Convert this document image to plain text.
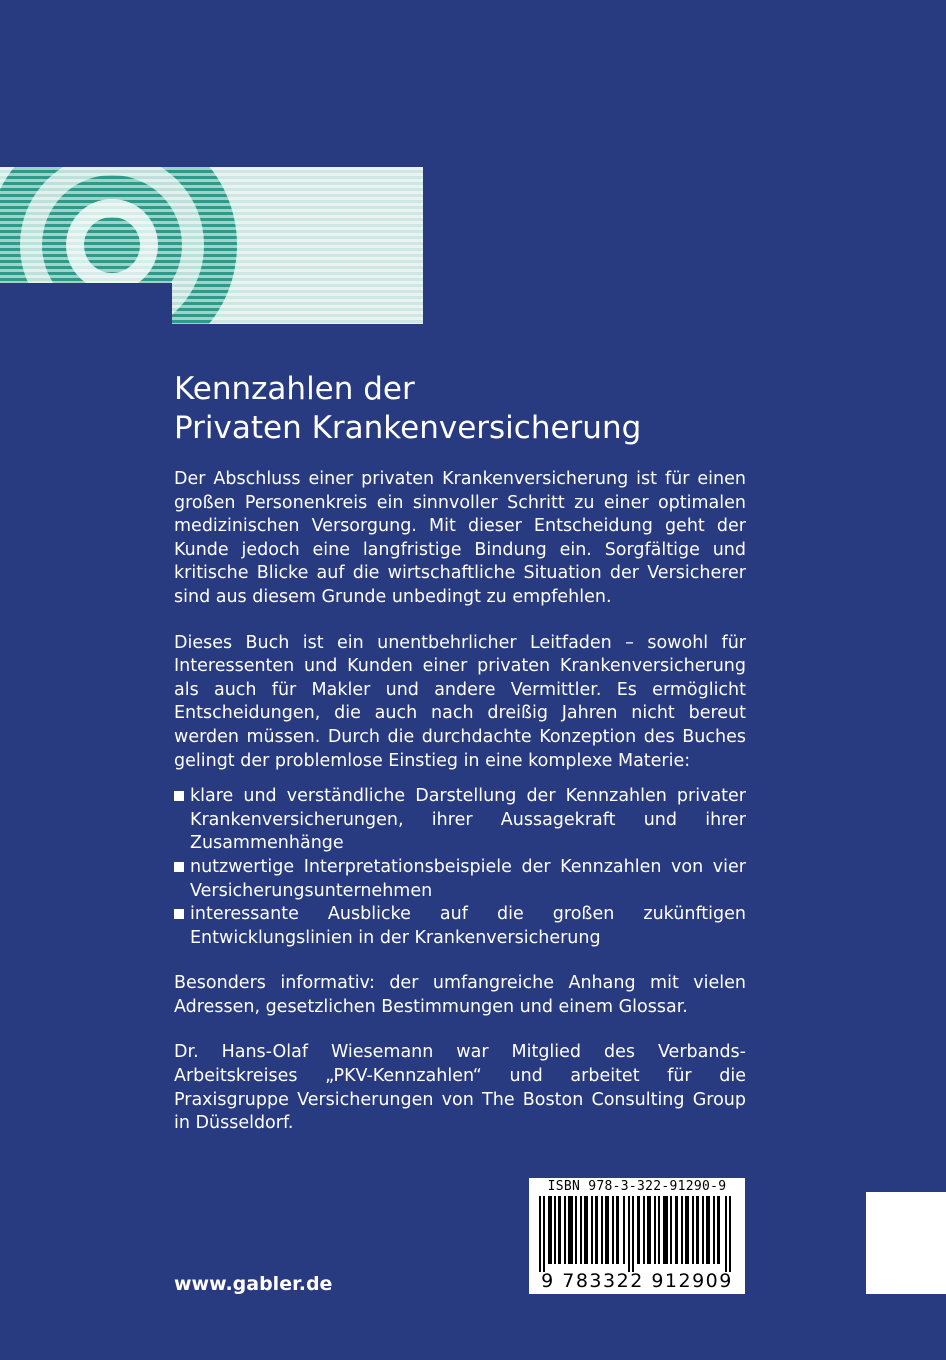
Kennzahlen der
Privaten Krankenversicherung

Der Abschluss einer privaten Krankenversicherung ist für einen großen Personenkreis ein sinnvoller Schritt zu einer optimalen medizinischen Versorgung. Mit dieser Entscheidung geht der Kunde jedoch eine langfristige Bindung ein. Sorgfältige und kritische Blicke auf die wirtschaftliche Situation der Versicherer sind aus diesem Grunde unbedingt zu empfehlen.

Dieses Buch ist ein unentbehrlicher Leitfaden – sowohl für Interessenten und Kunden einer privaten Krankenversicherung als auch für Makler und andere Vermittler. Es ermöglicht Entscheidungen, die auch nach dreißig Jahren nicht bereut werden müssen. Durch die durchdachte Konzeption des Buches gelingt der problemlose Einstieg in eine komplexe Materie:

klare und verständliche Darstellung der Kennzahlen privater Krankenversicherungen, ihrer Aussagekraft und ihrer Zusammenhänge
nutzwertige Interpretationsbeispiele der Kennzahlen von vier Versicherungsunternehmen
interessante Ausblicke auf die großen zukünftigen Entwicklungslinien in der Krankenversicherung

Besonders informativ: der umfangreiche Anhang mit vielen Adressen, gesetzlichen Bestimmungen und einem Glossar.

Dr. Hans-Olaf Wiesemann war Mitglied des Verbands-Arbeitskreises „PKV-Kennzahlen“ und arbeitet für die Praxisgruppe Versicherungen von The Boston Consulting Group in Düsseldorf.

www.gabler.de
ISBN 978-3-322-91290-9
9 783322 912909
